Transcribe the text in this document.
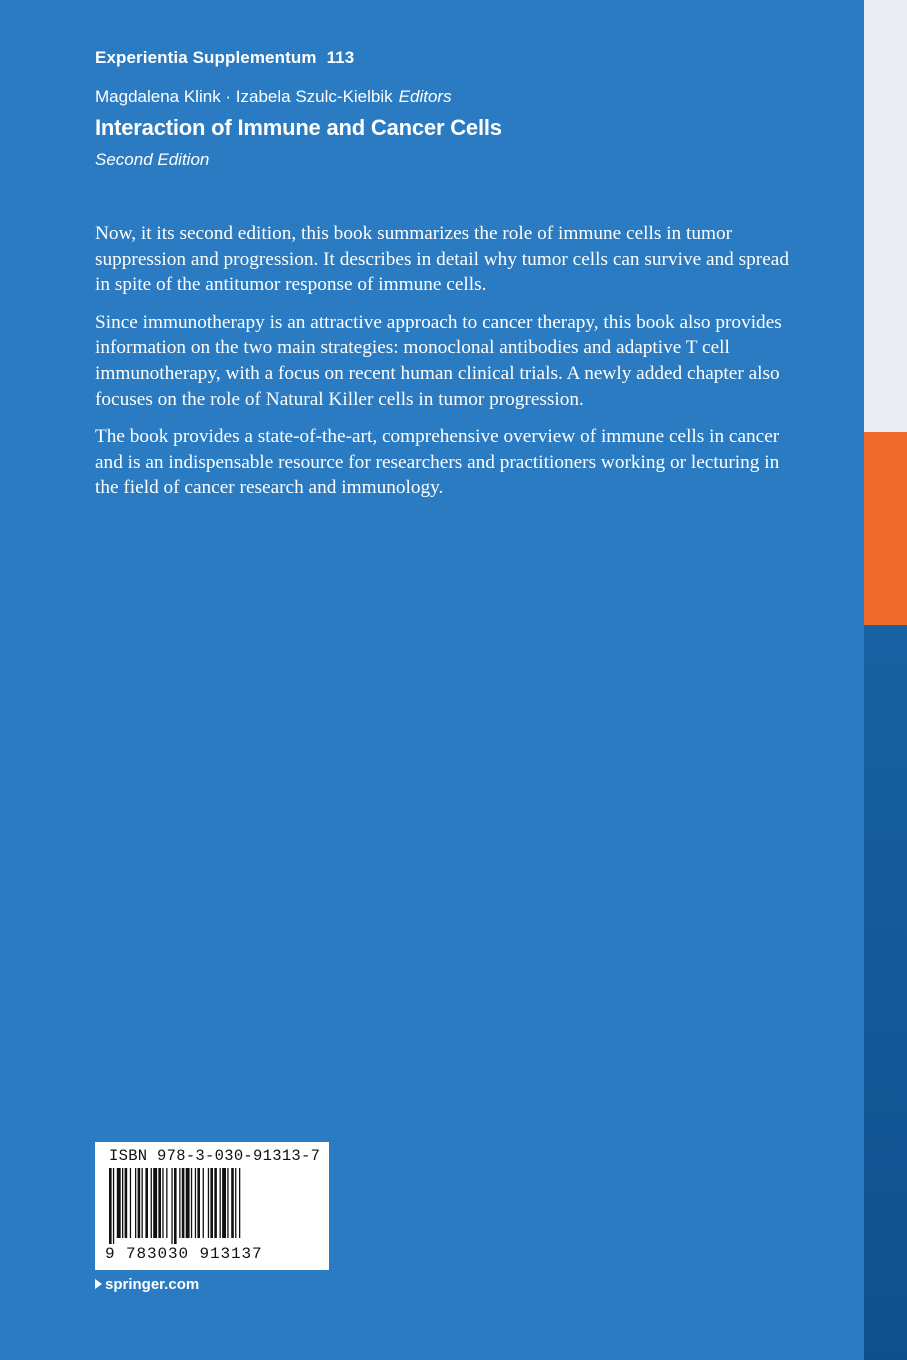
Experientia Supplementum 113

Magdalena Klink · Izabela Szulc-Kielbik Editors

Interaction of Immune and Cancer Cells

Second Edition

Now, it its second edition, this book summarizes the role of immune cells in tumor suppression and progression. It describes in detail why tumor cells can survive and spread in spite of the antitumor response of immune cells.

Since immunotherapy is an attractive approach to cancer therapy, this book also provides information on the two main strategies: monoclonal antibodies and adaptive T cell immunotherapy, with a focus on recent human clinical trials. A newly added chapter also focuses on the role of Natural Killer cells in tumor progression.

The book provides a state-of-the-art, comprehensive overview of immune cells in cancer and is an indispensable resource for researchers and practitioners working or lecturing in the field of cancer research and immunology.

ISBN 978-3-030-91313-7

9 783030 913137

springer.com
